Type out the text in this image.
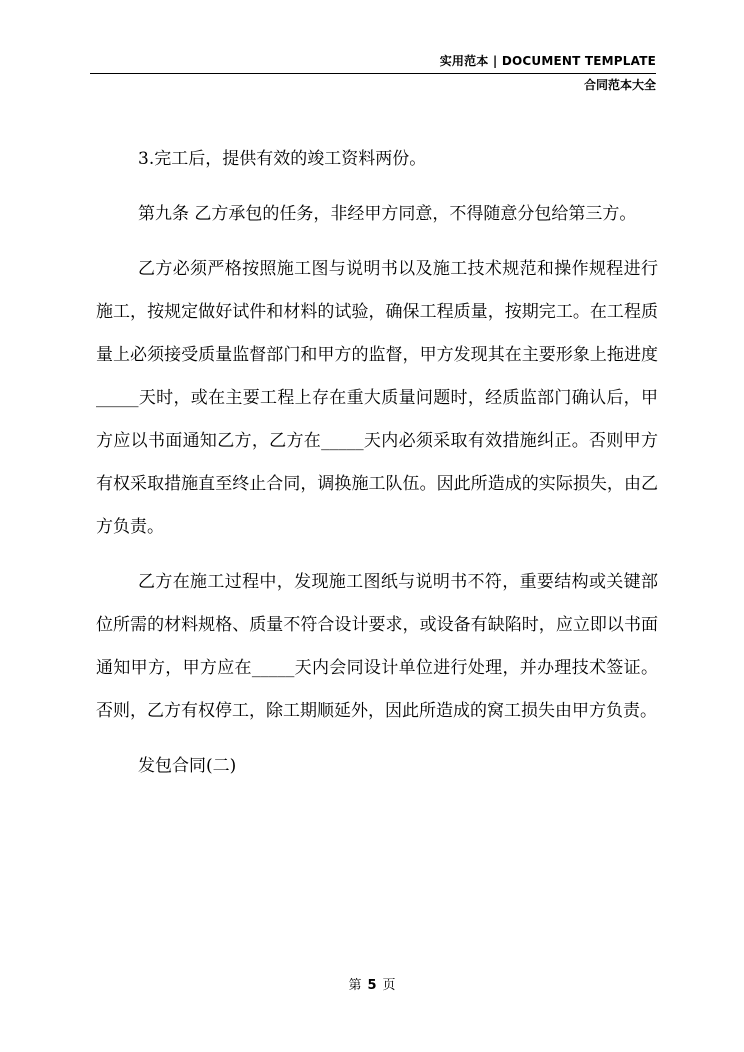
实用范本 | DOCUMENT TEMPLATE
合同范本大全

3.完工后，提供有效的竣工资料两份。

第九条 乙方承包的任务，非经甲方同意，不得随意分包给第三方。

乙方必须严格按照施工图与说明书以及施工技术规范和操作规程进行施工，按规定做好试件和材料的试验，确保工程质量，按期完工。在工程质量上必须接受质量监督部门和甲方的监督，甲方发现其在主要形象上拖进度_____天时，或在主要工程上存在重大质量问题时，经质监部门确认后，甲方应以书面通知乙方，乙方在_____天内必须采取有效措施纠正。否则甲方有权采取措施直至终止合同，调换施工队伍。因此所造成的实际损失，由乙方负责。

乙方在施工过程中，发现施工图纸与说明书不符，重要结构或关键部位所需的材料规格、质量不符合设计要求，或设备有缺陷时，应立即以书面通知甲方，甲方应在_____天内会同设计单位进行处理，并办理技术签证。否则，乙方有权停工，除工期顺延外，因此所造成的窝工损失由甲方负责。

发包合同(二)

第 5 页
